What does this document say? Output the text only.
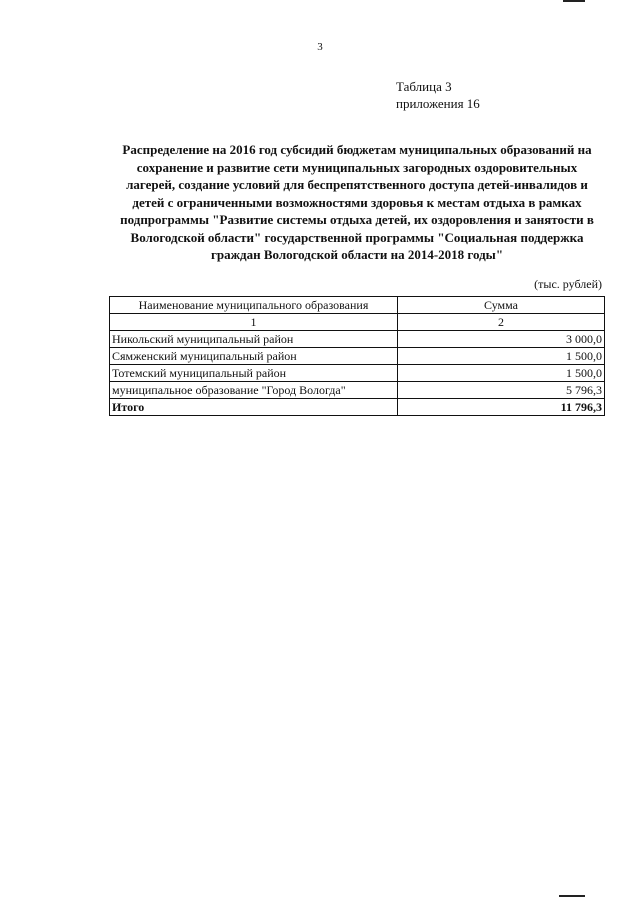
3
Таблица 3
приложения 16
Распределение на 2016 год субсидий бюджетам муниципальных образований на сохранение и развитие сети муниципальных загородных оздоровительных лагерей, создание условий для беспрепятственного доступа детей-инвалидов и детей с ограниченными возможностями здоровья к местам отдыха в рамках подпрограммы "Развитие системы отдыха детей, их оздоровления и занятости в Вологодской области" государственной программы "Социальная поддержка граждан Вологодской области на 2014-2018 годы"
(тыс. рублей)
Наименование муниципального образования	Сумма
1	2
Никольский муниципальный район	3 000,0
Сямженский муниципальный район	1 500,0
Тотемский муниципальный район	1 500,0
муниципальное образование "Город Вологда"	5 796,3
Итого	11 796,3
